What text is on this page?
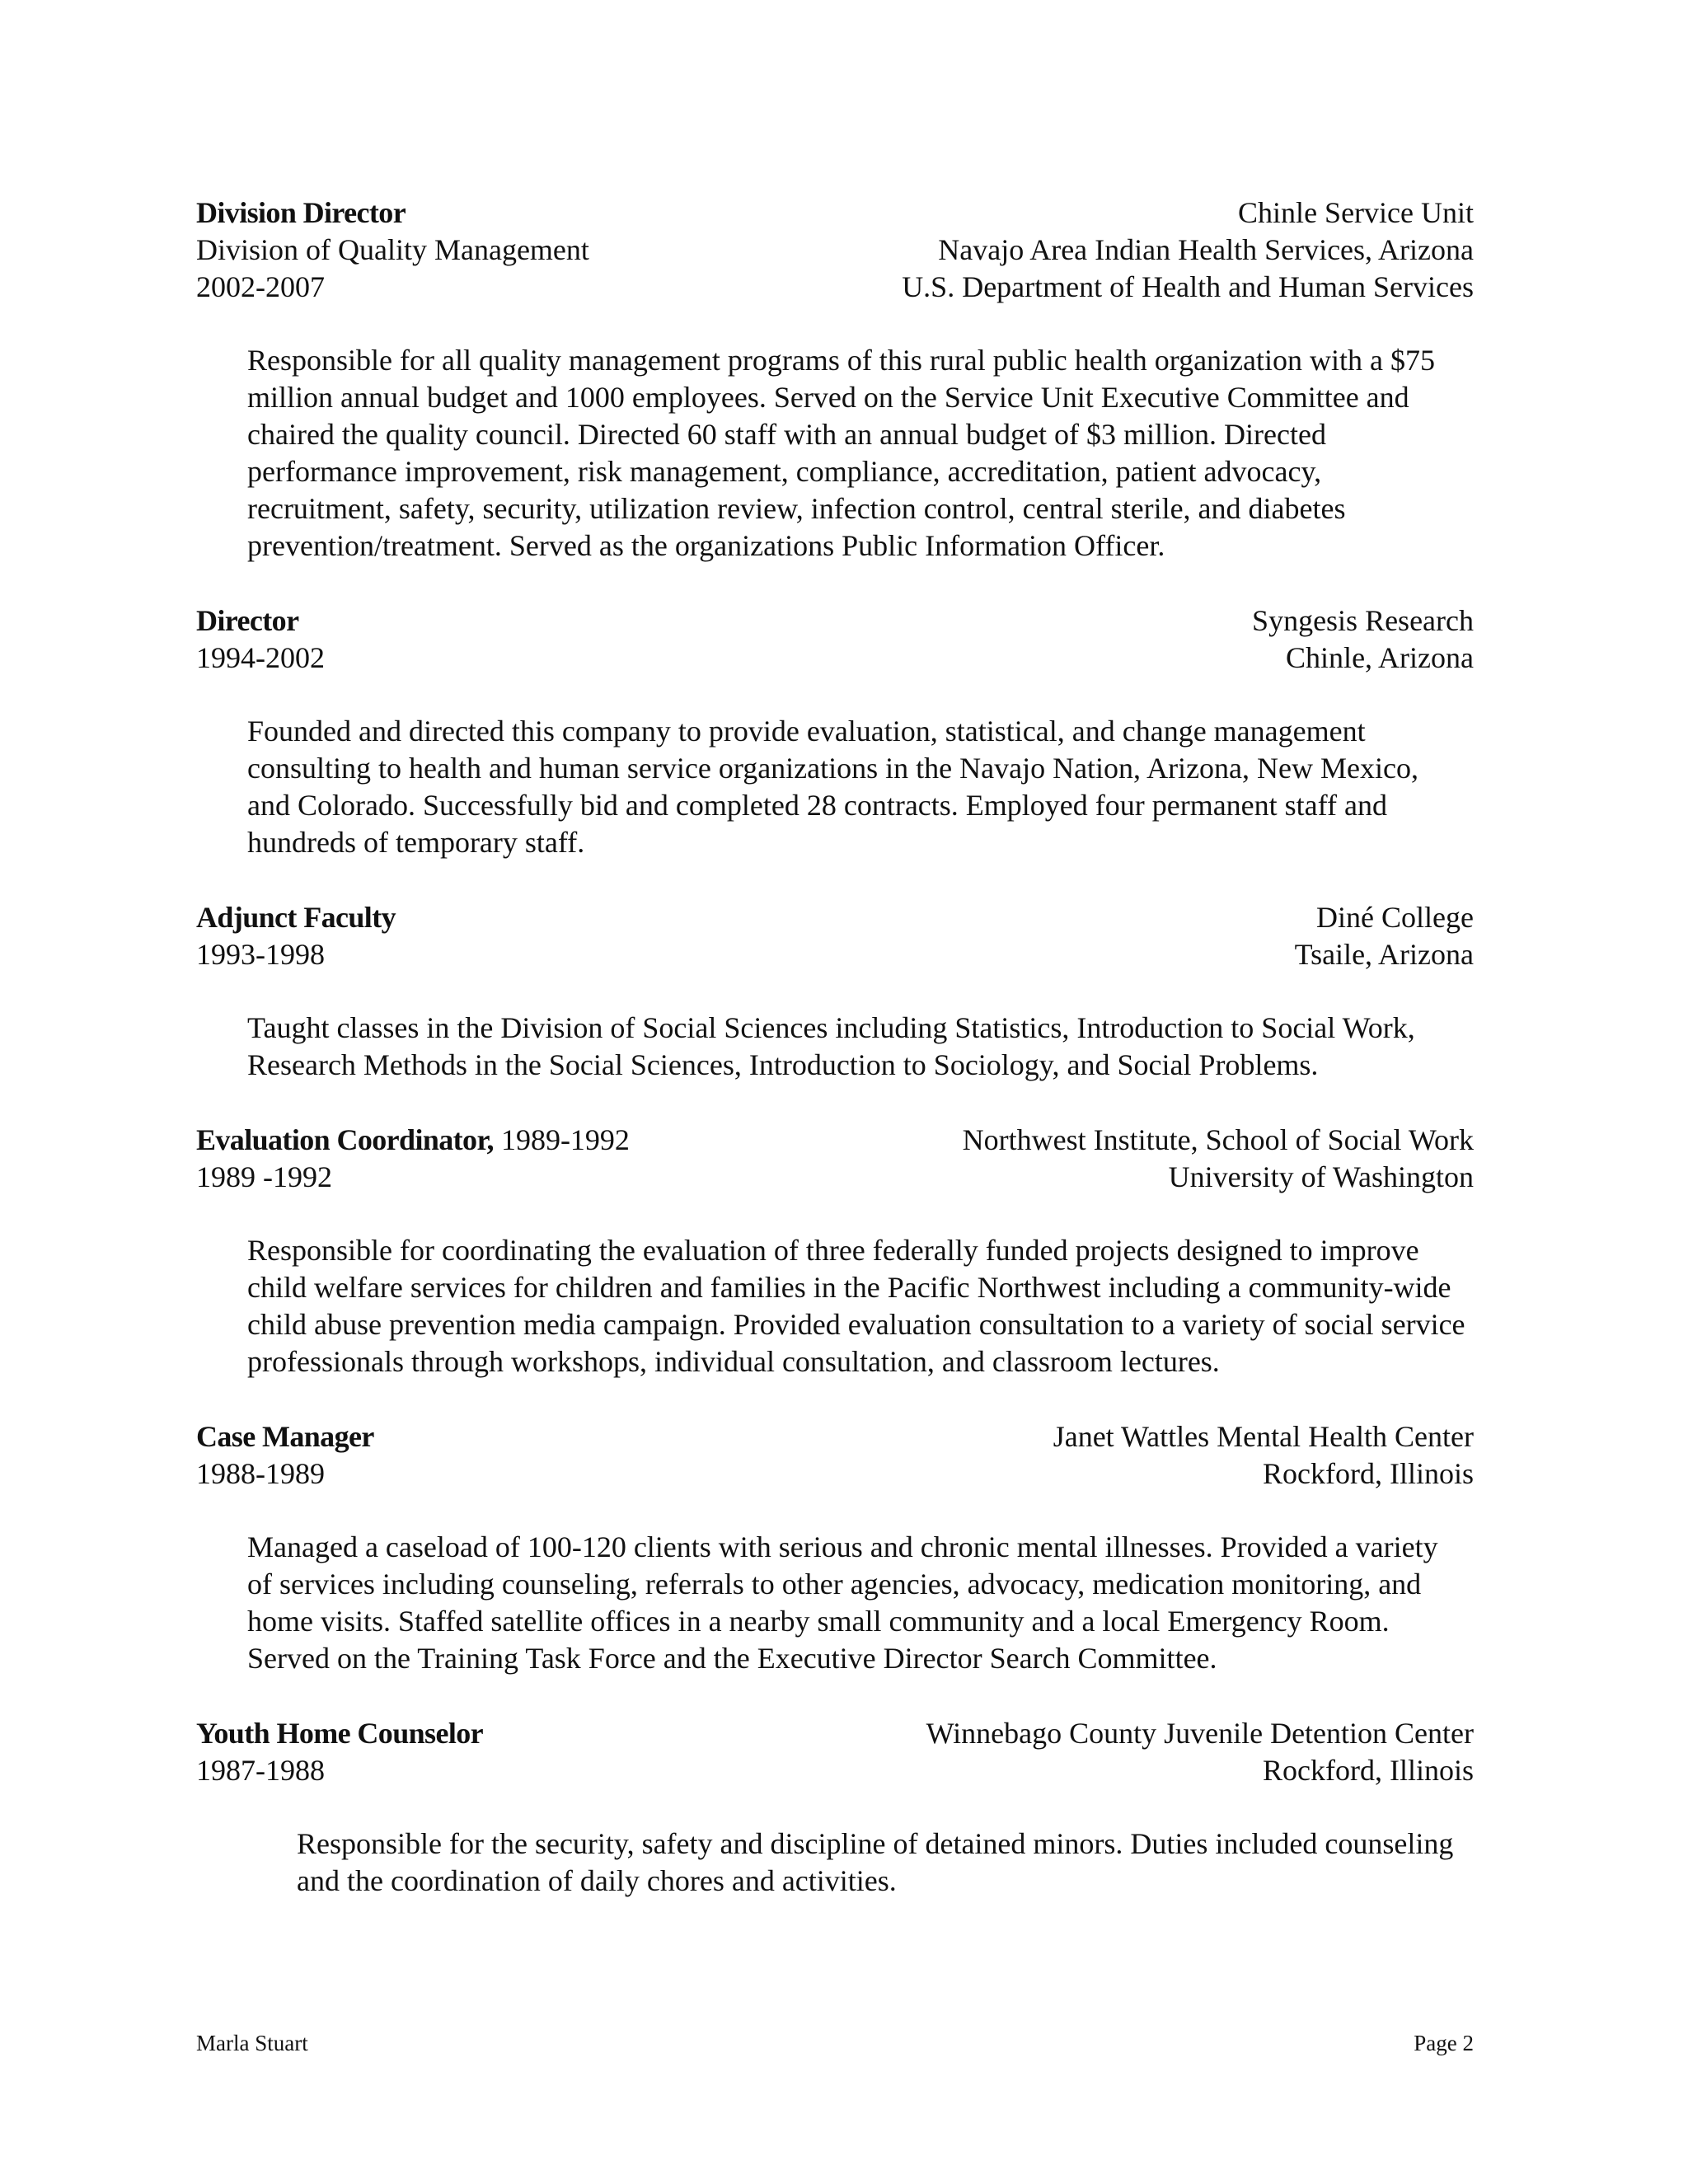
Division Director	Chinle Service Unit
Division of Quality Management	Navajo Area Indian Health Services, Arizona
2002-2007	U.S. Department of Health and Human Services

Responsible for all quality management programs of this rural public health organization with a $75 million annual budget and 1000 employees. Served on the Service Unit Executive Committee and chaired the quality council. Directed 60 staff with an annual budget of $3 million. Directed performance improvement, risk management, compliance, accreditation, patient advocacy, recruitment, safety, security, utilization review, infection control, central sterile, and diabetes prevention/treatment. Served as the organizations Public Information Officer.

Director	Syngesis Research
1994-2002	Chinle, Arizona

Founded and directed this company to provide evaluation, statistical, and change management consulting to health and human service organizations in the Navajo Nation, Arizona, New Mexico, and Colorado. Successfully bid and completed 28 contracts. Employed four permanent staff and hundreds of temporary staff.

Adjunct Faculty	Diné College
1993-1998	Tsaile, Arizona

Taught classes in the Division of Social Sciences including Statistics, Introduction to Social Work, Research Methods in the Social Sciences, Introduction to Sociology, and Social Problems.

Evaluation Coordinator, 1989-1992	Northwest Institute, School of Social Work
1989 -1992	University of Washington

Responsible for coordinating the evaluation of three federally funded projects designed to improve child welfare services for children and families in the Pacific Northwest including a community-wide child abuse prevention media campaign. Provided evaluation consultation to a variety of social service professionals through workshops, individual consultation, and classroom lectures.

Case Manager	Janet Wattles Mental Health Center
1988-1989	Rockford, Illinois

Managed a caseload of 100-120 clients with serious and chronic mental illnesses. Provided a variety of services including counseling, referrals to other agencies, advocacy, medication monitoring, and home visits. Staffed satellite offices in a nearby small community and a local Emergency Room. Served on the Training Task Force and the Executive Director Search Committee.

Youth Home Counselor	Winnebago County Juvenile Detention Center
1987-1988	Rockford, Illinois

Responsible for the security, safety and discipline of detained minors. Duties included counseling and the coordination of daily chores and activities.

Marla Stuart	Page 2
